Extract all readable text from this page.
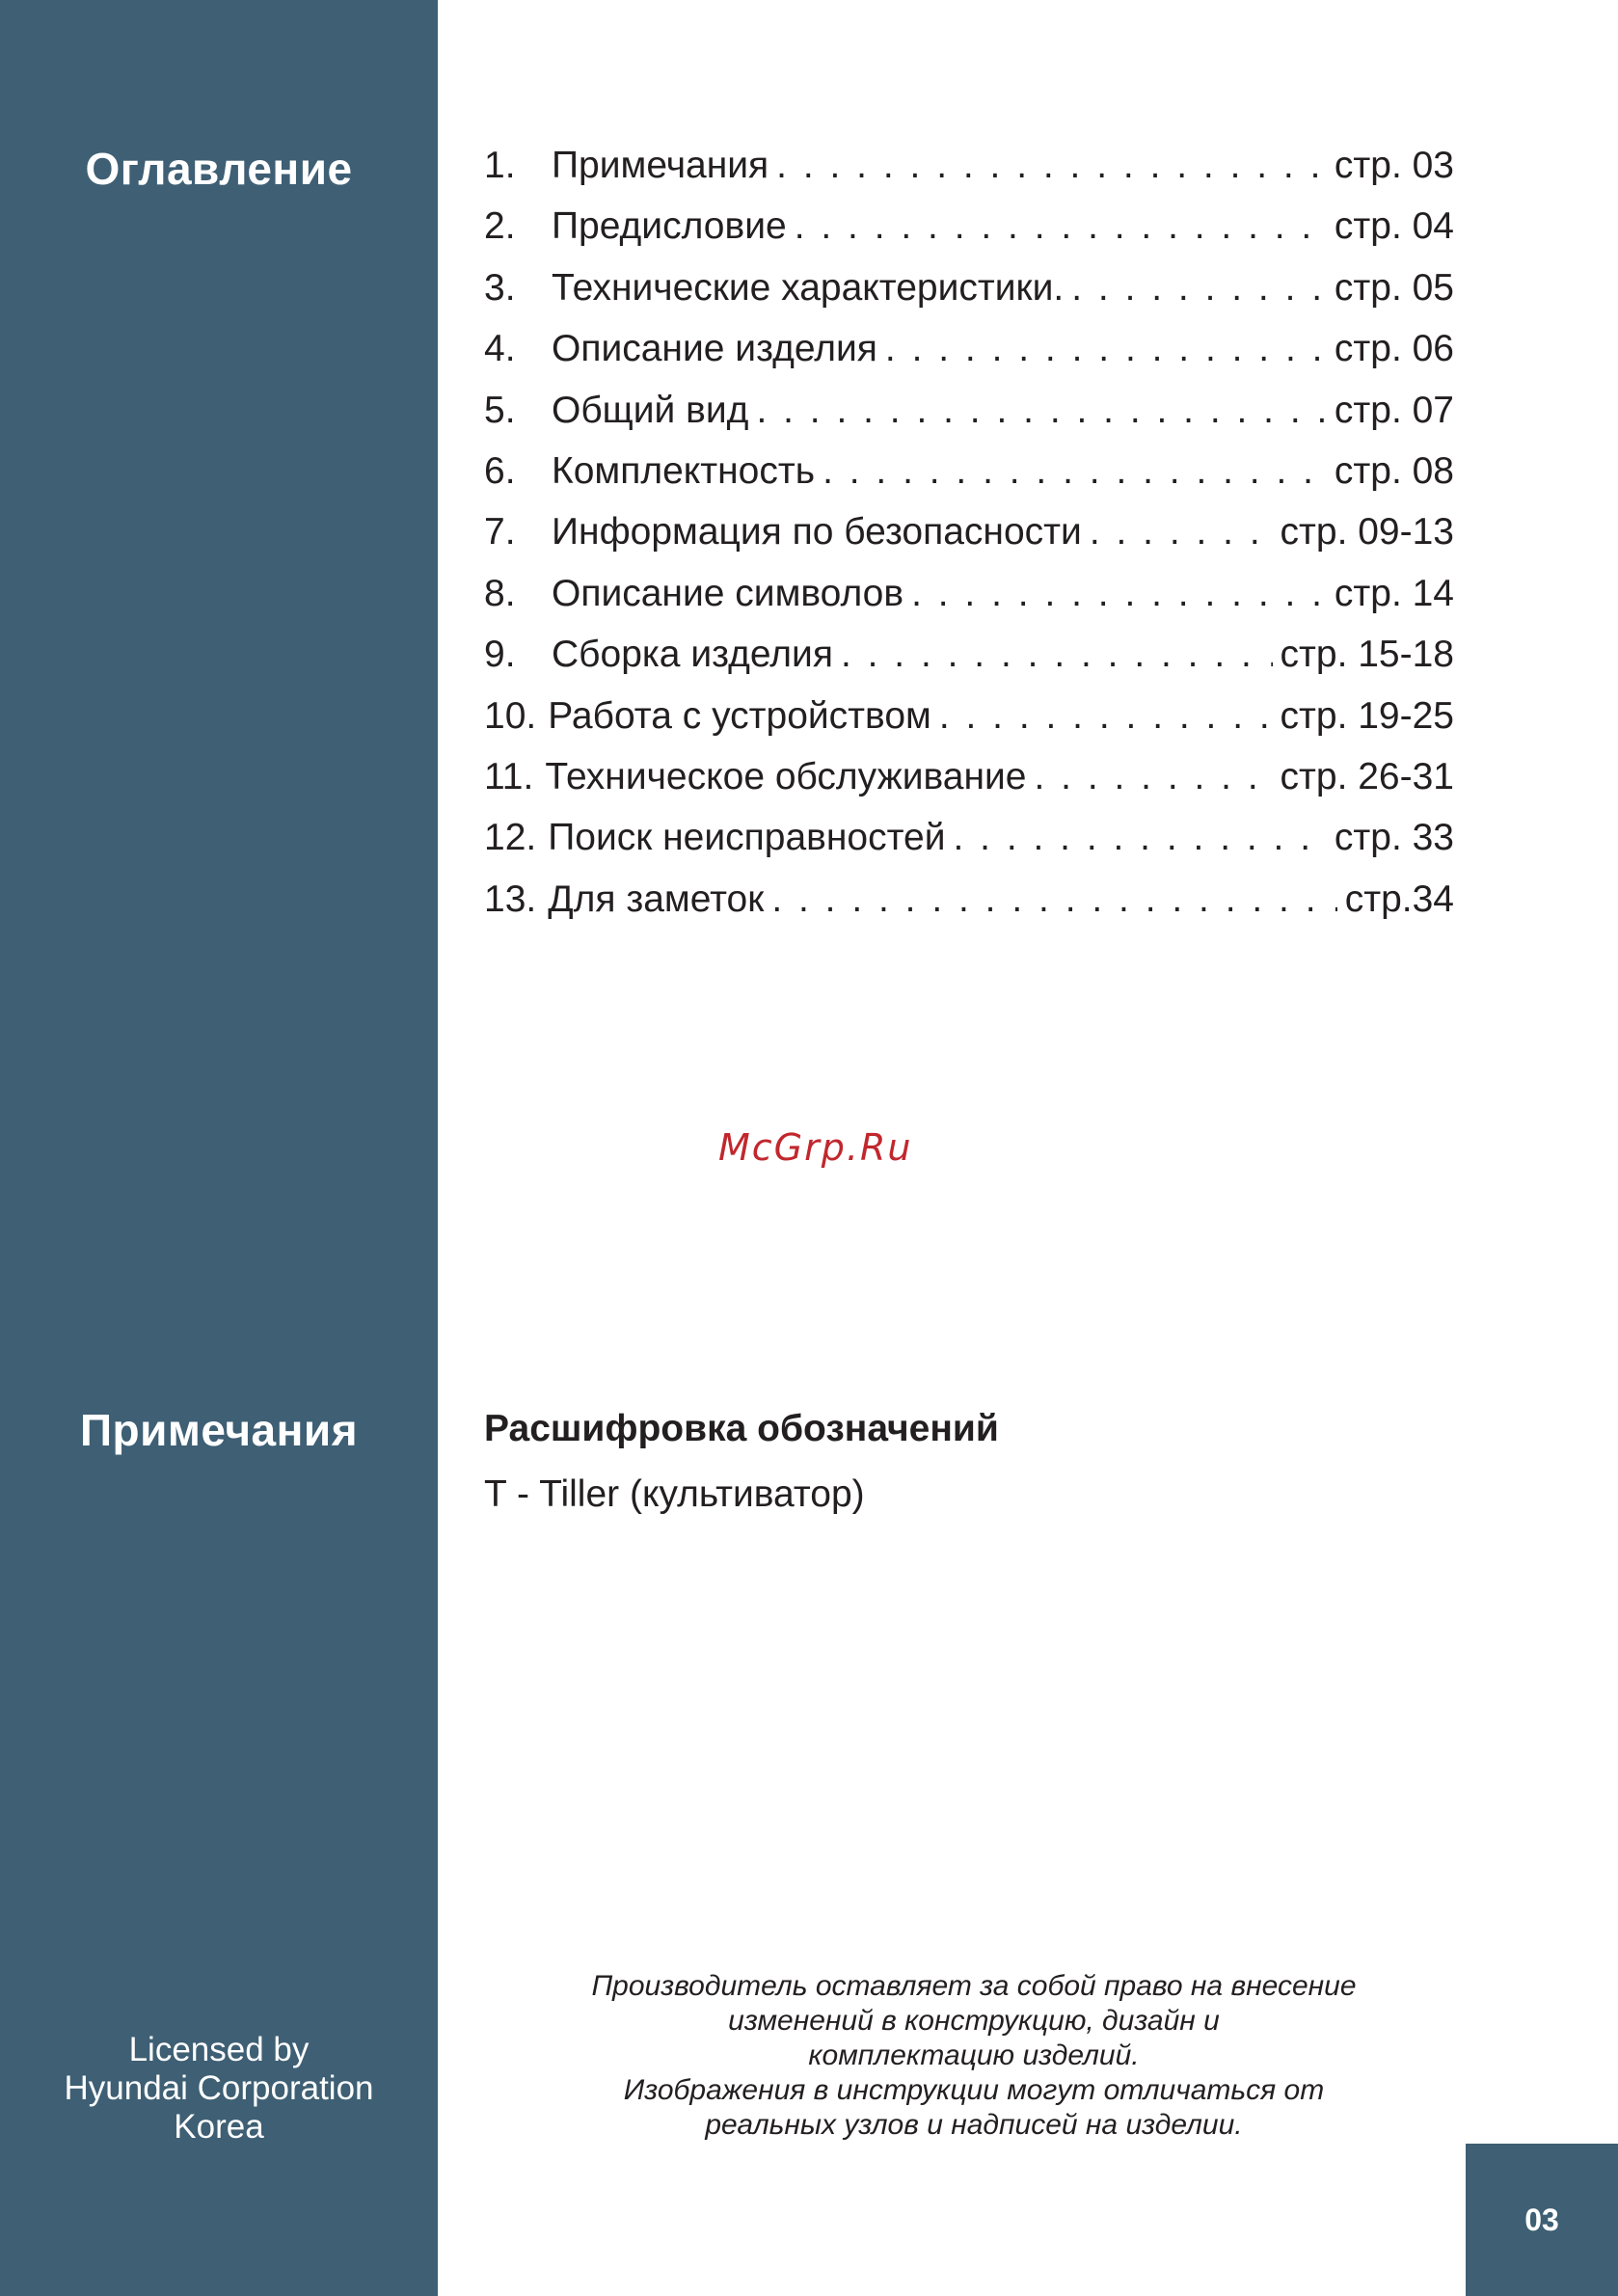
Оглавление
Примечания
Licensed by
Hyundai Corporation
Korea
1. Примечания . . .	стр. 03
2. Предисловие . . .	стр. 04
3. Технические характеристики. . . .	стр. 05
4. Описание изделия . . .	стр. 06
5. Общий вид . . .	стр. 07
6. Комплектность . . .	стр. 08
7. Информация по безопасности . . .	стр. 09-13
8. Описание символов . . .	стр. 14
9. Сборка изделия . . .	стр. 15-18
10. Работа с устройством . . .	стр. 19-25
11. Техническое обслуживание . . .	стр. 26-31
12. Поиск неисправностей . . .	стр. 33
13. Для заметок . . .	стр.34
McGrp.Ru
Расшифровка обозначений
T - Tiller (культиватор)

Производитель оставляет за собой право на внесение

изменений в конструкцию, дизайн и

комплектацию изделий.

Изображения в инструкции могут отличаться от

реальных узлов и надписей на изделии.

03
